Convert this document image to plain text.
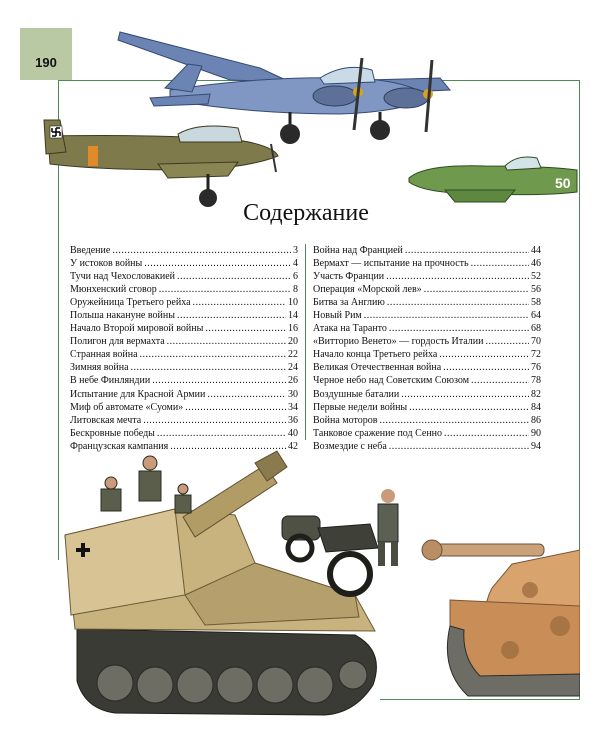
190
50
Содержание
Введение .....	3
У истоков войны .....	4
Тучи над Чехословакией .....	6
Мюнхенский сговор .....	8
Оружейница Третьего рейха .....	10
Польша накануне войны .....	14
Начало Второй мировой войны .....	16
Полигон для вермахта .....	20
Странная война .....	22
Зимняя война .....	24
В небе Финляндии .....	26
Испытание для Красной Армии .....	30
Миф об автомате «Суоми» .....	34
Литовская мечта .....	36
Бескровные победы .....	40
Французская кампания .....	42
Война над Францией .....	44
Вермахт — испытание на прочность .....	46
Участь Франции .....	52
Операция «Морской лев» .....	56
Битва за Англию .....	58
Новый Рим .....	64
Атака на Таранто .....	68
«Витторио Венето» — гордость Италии .....	70
Начало конца Третьего рейха .....	72
Великая Отечественная война .....	76
Черное небо над Советским Союзом .....	78
Воздушные баталии .....	82
Первые недели войны .....	84
Война моторов .....	86
Танковое сражение под Сенно .....	90
Возмездие с неба .....	94
